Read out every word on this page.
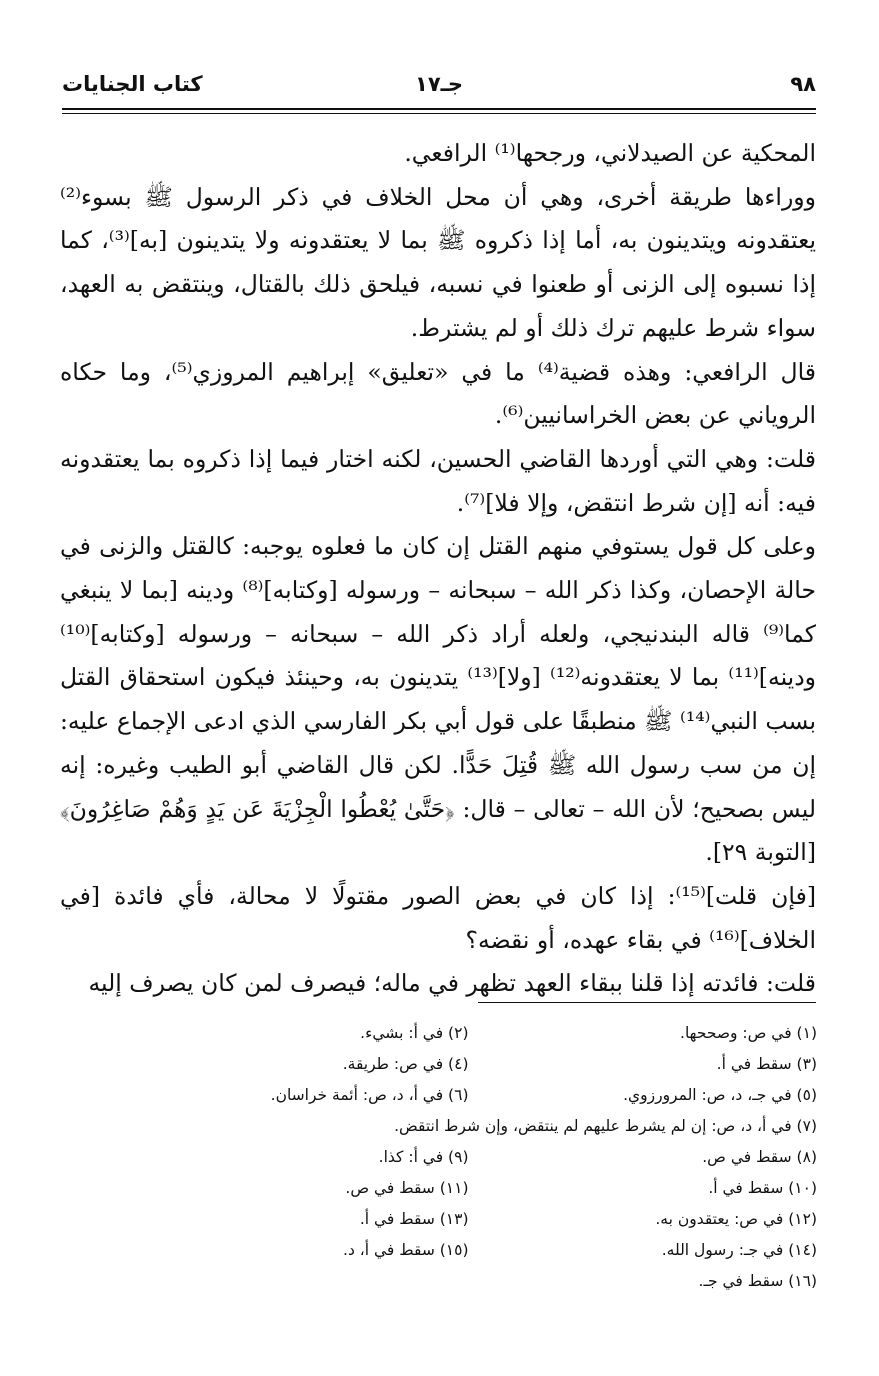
٩٨
جـ١٧
كتاب الجنايات

المحكية عن الصيدلاني، ورجحها⁽¹⁾ الرافعي.

ووراءها طريقة أخرى، وهي أن محل الخلاف في ذكر الرسول ﷺ بسوء⁽²⁾ يعتقدونه ويتدينون به، أما إذا ذكروه ﷺ بما لا يعتقدونه ولا يتدينون [به]⁽³⁾، كما إذا نسبوه إلى الزنى أو طعنوا في نسبه، فيلحق ذلك بالقتال، وينتقض به العهد، سواء شرط عليهم ترك ذلك أو لم يشترط.

قال الرافعي: وهذه قضية⁽⁴⁾ ما في «تعليق» إبراهيم المروزي⁽⁵⁾، وما حكاه الروياني عن بعض الخراسانيين⁽⁶⁾.

قلت: وهي التي أوردها القاضي الحسين، لكنه اختار فيما إذا ذكروه بما يعتقدونه فيه: أنه [إن شرط انتقض، وإلا فلا]⁽⁷⁾.

وعلى كل قول يستوفي منهم القتل إن كان ما فعلوه يوجبه: كالقتل والزنى في حالة الإحصان، وكذا ذكر الله – سبحانه – ورسوله [وكتابه]⁽⁸⁾ ودينه [بما لا ينبغي كما⁽⁹⁾ قاله البندنيجي، ولعله أراد ذكر الله – سبحانه – ورسوله [وكتابه]⁽¹⁰⁾ ودينه]⁽¹¹⁾ بما لا يعتقدونه⁽¹²⁾ [ولا]⁽¹³⁾ يتدينون به، وحينئذ فيكون استحقاق القتل بسب النبي⁽¹⁴⁾ ﷺ منطبقًا على قول أبي بكر الفارسي الذي ادعى الإجماع عليه: إن من سب رسول الله ﷺ قُتِلَ حَدًّا. لكن قال القاضي أبو الطيب وغيره: إنه ليس بصحيح؛ لأن الله – تعالى – قال: ﴿حَتَّىٰ يُعْطُوا الْجِزْيَةَ عَن يَدٍ وَهُمْ صَاغِرُونَ﴾ [التوبة ٢٩].

[فإن قلت]⁽¹⁵⁾: إذا كان في بعض الصور مقتولًا لا محالة، فأي فائدة [في الخلاف]⁽¹⁶⁾ في بقاء عهده، أو نقضه؟

قلت: فائدته إذا قلنا ببقاء العهد تظهر في ماله؛ فيصرف لمن كان يصرف إليه

(١) في ص: وصححها.
(٢) في أ: بشيء.
(٣) سقط في أ.
(٤) في ص: طريقة.
(٥) في جـ، د، ص: المرورزوي.
(٦) في أ، د، ص: أئمة خراسان.
(٧) في أ، د، ص: إن لم يشرط عليهم لم ينتقض، وإن شرط انتقض.
(٨) سقط في ص.
(٩) في أ: كذا.
(١٠) سقط في أ.
(١١) سقط في ص.
(١٢) في ص: يعتقدون به.
(١٣) سقط في أ.
(١٤) في جـ: رسول الله.
(١٥) سقط في أ، د.
(١٦) سقط في جـ.
